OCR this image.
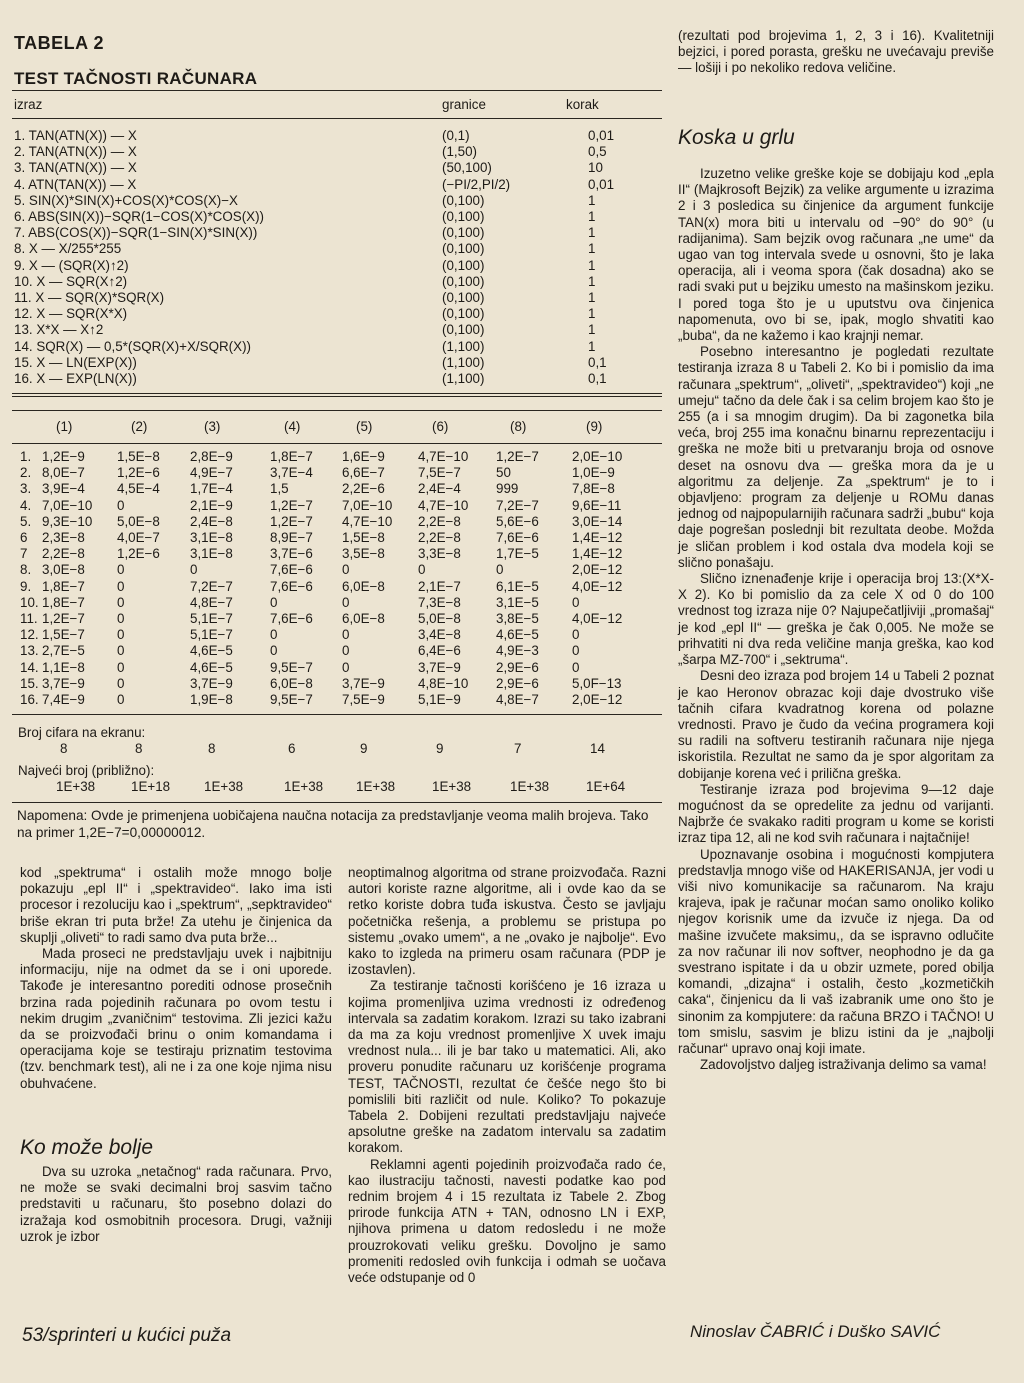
TABELA 2
TEST TAČNOSTI RAČUNARA
izraz	granice	korak
1. TAN(ATN(X)) — X	(0,1)	0,01
2. TAN(ATN(X)) — X	(1,50)	0,5
3. TAN(ATN(X)) — X	(50,100)	10
4. ATN(TAN(X)) — X	(−PI/2,PI/2)	0,01
5. SIN(X)*SIN(X)+COS(X)*COS(X)−X	(0,100)	1
6. ABS(SIN(X))−SQR(1−COS(X)*COS(X))	(0,100)	1
7. ABS(COS(X))−SQR(1−SIN(X)*SIN(X))	(0,100)	1
8. X — X/255*255	(0,100)	1
9. X — (SQR(X)↑2)	(0,100)	1
10. X — SQR(X↑2)	(0,100)	1
11. X — SQR(X)*SQR(X)	(0,100)	1
12. X — SQR(X*X)	(0,100)	1
13. X*X — X↑2	(0,100)	1
14. SQR(X) — 0,5*(SQR(X)+X/SQR(X))	(1,100)	1
15. X — LN(EXP(X))	(1,100)	0,1
16. X — EXP(LN(X))	(1,100)	0,1
(1)	(2)	(3)	(4)	(5)	(6)	(8)	(9)
1. 1,2E−9 1,5E−8 2,8E−9	1,8E−7 1,6E−9 4,7E−10 1,2E−7 2,0E−10
2. 8,0E−7 1,2E−6 4,9E−7	3,7E−4 6,6E−7 7,5E−7	50	1,0E−9
3. 3,9E−4 4,5E−4 1,7E−4	1,5	2,2E−6 2,4E−4	999	7,8E−8
4. 7,0E−10 0	2,1E−9	1,2E−7 7,0E−10 4,7E−10 7,2E−7 9,6E−11
5. 9,3E−10 5,0E−8 2,4E−8	1,2E−7 4,7E−10 2,2E−8	5,6E−6 3,0E−14
6 2,3E−8 4,0E−7 3,1E−8	8,9E−7 1,5E−8 2,2E−8	7,6E−6 1,4E−12
7 2,2E−8 1,2E−6 3,1E−8	3,7E−6 3,5E−8 3,3E−8	1,7E−5 1,4E−12
8. 3,0E−8 0	0	7,6E−6 0	0	0	2,0E−12
9. 1,8E−7 0	7,2E−7	7,6E−6 6,0E−8 2,1E−7	6,1E−5 4,0E−12
10. 1,8E−7 0	4,8E−7	0	0	7,3E−8	3,1E−5 0
11. 1,2E−7 0	5,1E−7	7,6E−6 6,0E−8 5,0E−8	3,8E−5 4,0E−12
12. 1,5E−7 0	5,1E−7	0	0	3,4E−8	4,6E−5 0
13. 2,7E−5 0	4,6E−5	0	0	6,4E−6	4,9E−3 0
14. 1,1E−8 0	4,6E−5	9,5E−7 0	3,7E−9	2,9E−6 0
15. 3,7E−9 0	3,7E−9	6,0E−8 3,7E−9 4,8E−10 2,9E−6 5,0F−13
16. 7,4E−9 0	1,9E−8	9,5E−7 7,5E−9 5,1E−9	4,8E−7 2,0E−12
Broj cifara na ekranu:
8	8	8	6	9	9	7	14
Najveći broj (približno):
1E+38	1E+18	1E+38	1E+38 1E+38	1E+38	1E+38	1E+64
Napomena: Ovde je primenjena uobičajena naučna notacija za predstavljanje veoma malih brojeva. Tako na primer 1,2E−7=0,00000012.

kod „spektruma“ i ostalih može mnogo bolje pokazuju „epl II“ i „spektravideo“. Iako ima isti procesor i rezoluciju kao i „spektrum“, „sepktravideo“ briše ekran tri puta brže! Za utehu je činjenica da skuplji „oliveti“ to radi samo dva puta brže...

Mada proseci ne predstavljaju uvek i najbitniju informaciju, nije na odmet da se i oni uporede. Takođe je interesantno porediti odnose prosečnih brzina rada pojedinih računara po ovom testu i nekim drugim „zvaničnim“ testovima. Zli jezici kažu da se proizvođači brinu o onim komandama i operacijama koje se testiraju priznatim testovima (tzv. benchmark test), ali ne i za one koje njima nisu obuhvaćene.

Ko može bolje

Dva su uzroka „netačnog“ rada računara. Prvo, ne može se svaki decimalni broj sasvim tačno predstaviti u računaru, što posebno dolazi do izražaja kod osmobitnih procesora. Drugi, važniji uzrok je izbor

53/sprinteri u kućici puža

neoptimalnog algoritma od strane proizvođača. Razni autori koriste razne algoritme, ali i ovde kao da se retko koriste dobra tuđa iskustva. Često se javljaju početnička rešenja, a problemu se pristupa po sistemu „ovako umem“, a ne „ovako je najbolje“. Evo kako to izgleda na primeru osam računara (PDP je izostavlen).

Za testiranje tačnosti korišćeno je 16 izraza u kojima promenljiva uzima vrednosti iz određenog intervala sa zadatim korakom. Izrazi su tako izabrani da ma za koju vrednost promenljive X uvek imaju vrednost nula... ili je bar tako u matematici. Ali, ako proveru ponudite računaru uz korišćenje programa TEST, TAČNOSTI, rezultat će češće nego što bi pomislili biti različit od nule. Koliko? To pokazuje Tabela 2. Dobijeni rezultati predstavljaju najveće apsolutne greške na zadatom intervalu sa zadatim korakom.

Reklamni agenti pojedinih proizvođača rado će, kao ilustraciju tačnosti, navesti podatke kao pod rednim brojem 4 i 15 rezultata iz Tabele 2. Zbog prirode funkcija ATN + TAN, odnosno LN i EXP, njihova primena u datom redosledu i ne može prouzrokovati veliku grešku. Dovoljno je samo promeniti redosled ovih funkcija i odmah se uočava veće odstupanje od 0

(rezultati pod brojevima 1, 2, 3 i 16). Kvalitetniji bejzici, i pored porasta, grešku ne uvećavaju previše — lošiji i po nekoliko redova veličine.
Koska u grlu

Izuzetno velike greške koje se dobijaju kod „epla II“ (Majkrosoft Bejzik) za velike argumente u izrazima 2 i 3 posledica su činjenice da argument funkcije TAN(x) mora biti u intervalu od −90° do 90° (u radijanima). Sam bejzik ovog računara „ne ume“ da ugao van tog intervala svede u osnovni, što je laka operacija, ali i veoma spora (čak dosadna) ako se radi svaki put u bejziku umesto na mašinskom jeziku. I pored toga što je u uputstvu ova činjenica napomenuta, ovo bi se, ipak, moglo shvatiti kao „buba“, da ne kažemo i kao krajnji nemar.

Posebno interesantno je pogledati rezultate testiranja izraza 8 u Tabeli 2. Ko bi i pomislio da ima računara „spektrum“, „oliveti“, „spektravideo“) koji „ne umeju“ tačno da dele čak i sa celim brojem kao što je 255 (a i sa mnogim drugim). Da bi zagonetka bila veća, broj 255 ima konačnu binarnu reprezentaciju i greška ne može biti u pretvaranju broja od osnove deset na osnovu dva — greška mora da je u algoritmu za deljenje. Za „spektrum“ je to i objavljeno: program za deljenje u ROMu danas jednog od najpopularnijih računara sadrži „bubu“ koja daje pogrešan poslednji bit rezultata deobe. Možda je sličan problem i kod ostala dva modela koji se slično ponašaju.

Slično iznenađenje krije i operacija broj 13:(X*X-X 2). Ko bi pomislio da za cele X od 0 do 100 vrednost tog izraza nije 0? Najupečatljiviji „promašaj“ je kod „epl II“ — greška je čak 0,005. Ne može se prihvatiti ni dva reda veličine manja greška, kao kod „šarpa MZ-700“ i „sektruma“.

Desni deo izraza pod brojem 14 u Tabeli 2 poznat je kao Heronov obrazac koji daje dvostruko više tačnih cifara kvadratnog korena od polazne vrednosti. Pravo je čudo da većina programera koji su radili na softveru testiranih računara nije njega iskoristila. Rezultat ne samo da je spor algoritam za dobijanje korena već i prilična greška.

Testiranje izraza pod brojevima 9—12 daje mogućnost da se opredelite za jednu od varijanti. Najbrže će svakako raditi program u kome se koristi izraz tipa 12, ali ne kod svih računara i najtačnije!

Upoznavanje osobina i mogućnosti kompjutera predstavlja mnogo više od HAKERISANJA, jer vodi u viši nivo komunikacije sa računarom. Na kraju krajeva, ipak je računar moćan samo onoliko koliko njegov korisnik ume da izvuče iz njega. Da od mašine izvučete maksimu,, da se ispravno odlučite za nov računar ili nov softver, neophodno je da ga svestrano ispitate i da u obzir uzmete, pored obilja komandi, „dizajna“ i ostalih, često „kozmetičkih caka“, činjenicu da li vaš izabranik ume ono što je sinonim za kompjutere: da računa BRZO i TAČNO! U tom smislu, sasvim je blizu istini da je „najbolji računar“ upravo onaj koji imate.

Zadovoljstvo daljeg istraživanja delimo sa vama!

Ninoslav ČABRIĆ i Duško SAVIĆ
